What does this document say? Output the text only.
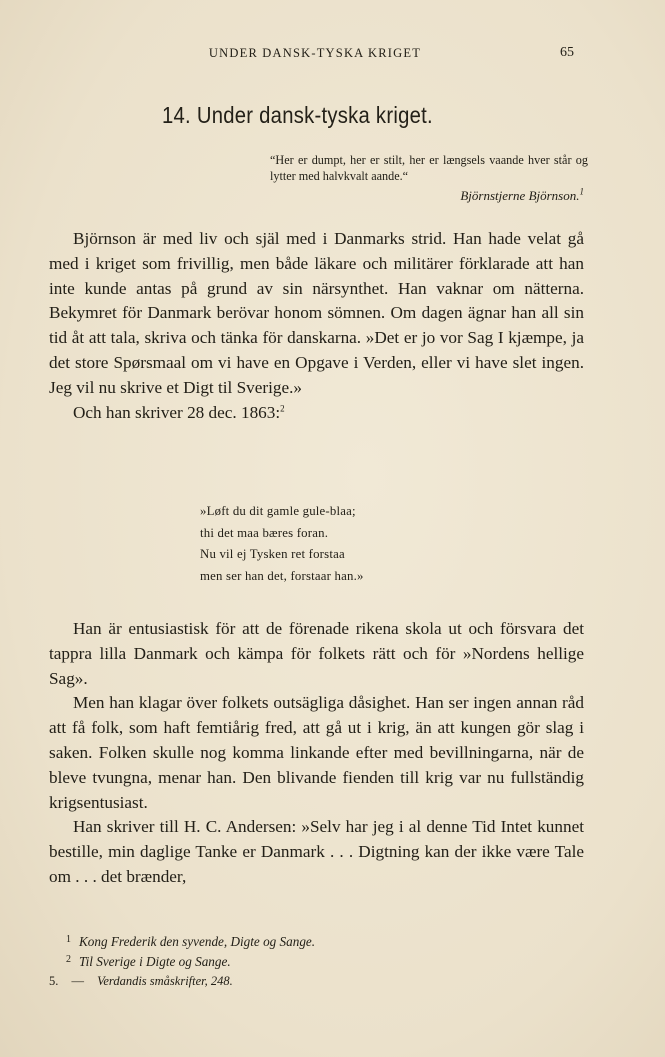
UNDER DANSK-TYSKA KRIGET	65
14. Under dansk-tyska kriget.
“Her er dumpt, her er stilt, her er længsels vaande hver står og lytter med halvkvalt aande.“
Björnstjerne Björnson.$^1$

Björnson är med liv och själ med i Danmarks strid. Han hade velat gå med i kriget som frivillig, men både läkare och militärer förklarade att han inte kunde antas på grund av sin närsynthet. Han vaknar om nätterna. Bekymret för Danmark berövar honom sömnen. Om dagen ägnar han all sin tid åt att tala, skriva och tänka för danskarna. »Det er jo vor Sag I kjæmpe, ja det store Spørsmaal om vi have en Opgave i Verden, eller vi have slet ingen. Jeg vil nu skrive et Digt til Sverige.»

Och han skriver 28 dec. 1863:$^2$

»Løft du dit gamle gule-blaa;
thi det maa bæres foran.
Nu vil ej Tysken ret forstaa
men ser han det, forstaar han.»

Han är entusiastisk för att de förenade rikena skola ut och försvara det tappra lilla Danmark och kämpa för folkets rätt och för »Nordens hellige Sag».

Men han klagar över folkets outsägliga dåsighet. Han ser ingen annan råd att få folk, som haft femtiårig fred, att gå ut i krig, än att kungen gör slag i saken. Folken skulle nog komma linkande efter med bevillningarna, när de bleve tvungna, menar han. Den blivande fienden till krig var nu fullständig krigsentusiast.

Han skriver till H. C. Andersen: »Selv har jeg i al denne Tid Intet kunnet bestille, min daglige Tanke er Danmark . . . Digtning kan der ikke være Tale om . . . det brænder,

$^1$ Kong Frederik den syvende, Digte og Sange.
$^2$ Til Sverige i Digte og Sange.
5. — Verdandis småskrifter, 248.
